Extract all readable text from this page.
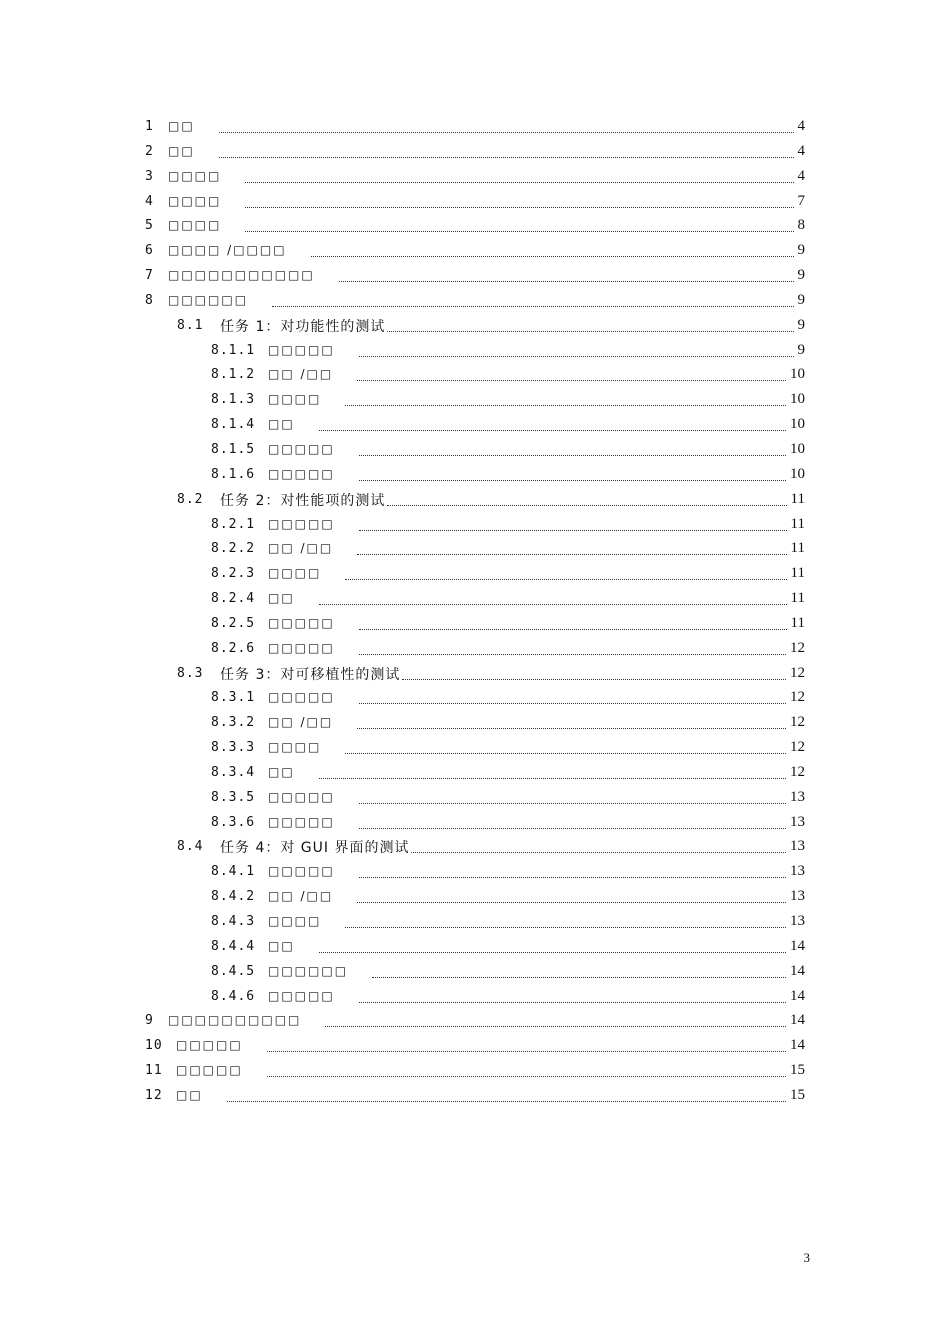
1 □□	4
2 □□	4
3 □□□□	4
4 □□□□	7
5 □□□□	8
6 □□□□ /□□□□	9
7 □□□□□□□□□□□	9
8 □□□□□□	9
8.1 任务 1：对功能性的测试	9
8.1.1 □□□□□	9
8.1.2 □□ /□□	10
8.1.3 □□□□	10
8.1.4 □□	10
8.1.5 □□□□□	10
8.1.6 □□□□□	10
8.2 任务 2：对性能项的测试	11
8.2.1 □□□□□	11
8.2.2 □□ /□□	11
8.2.3 □□□□	11
8.2.4 □□	11
8.2.5 □□□□□	11
8.2.6 □□□□□	12
8.3 任务 3：对可移植性的测试	12
8.3.1 □□□□□	12
8.3.2 □□ /□□	12
8.3.3 □□□□	12
8.3.4 □□	12
8.3.5 □□□□□	13
8.3.6 □□□□□	13
8.4 任务 4：对 GUI 界面的测试	13
8.4.1 □□□□□	13
8.4.2 □□ /□□	13
8.4.3 □□□□	13
8.4.4 □□	14
8.4.5 □□□□□□	14
8.4.6 □□□□□	14
9 □□□□□□□□□□	14
10 □□□□□	14
11 □□□□□	15
12 □□	15
3
